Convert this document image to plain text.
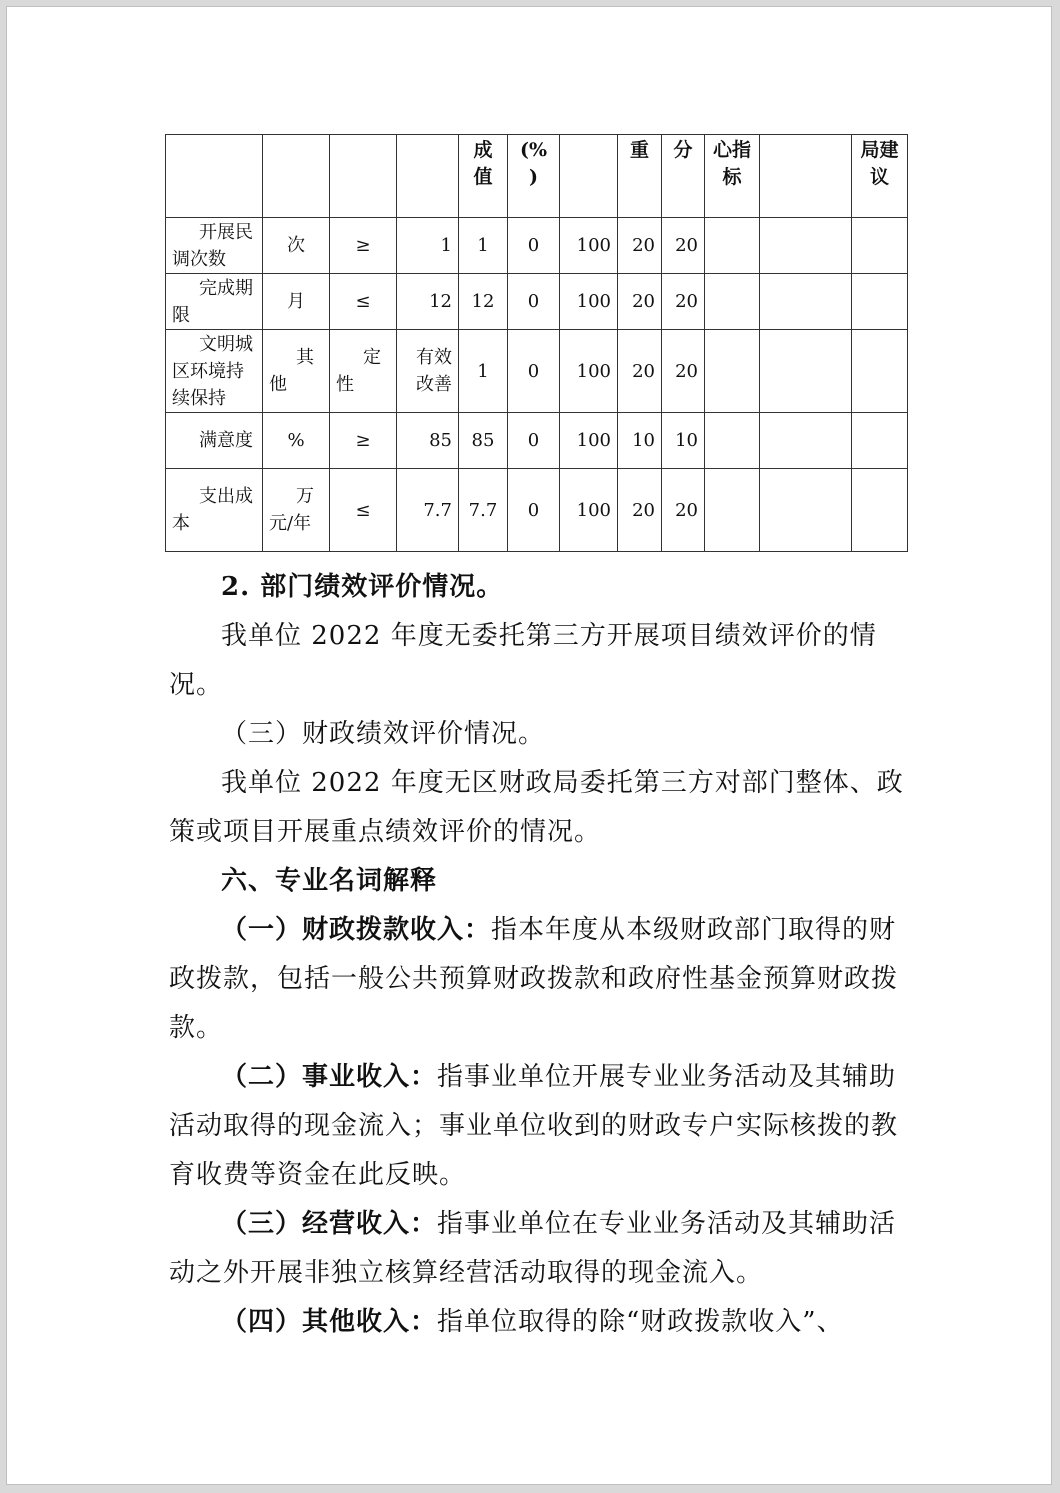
				成值	(%)		重	分	心指标		局建议
开展民调次数	次	≥	1	1	0	100	20	20			
完成期限	月	≤	12	12	0	100	20	20			
文明城区环境持续保持	其他	定性	有效改善	1	0	100	20	20			
满意度	%	≥	85	85	0	100	10	10			
支出成本	万元/年	≤	7.7	7.7	0	100	20	20			

2. 部门绩效评价情况。

我单位 2022 年度无委托第三方开展项目绩效评价的情况。

（三）财政绩效评价情况。

我单位 2022 年度无区财政局委托第三方对部门整体、政策或项目开展重点绩效评价的情况。

六、专业名词解释

（一）财政拨款收入：指本年度从本级财政部门取得的财政拨款，包括一般公共预算财政拨款和政府性基金预算财政拨款。

（二）事业收入：指事业单位开展专业业务活动及其辅助活动取得的现金流入；事业单位收到的财政专户实际核拨的教育收费等资金在此反映。

（三）经营收入：指事业单位在专业业务活动及其辅助活动之外开展非独立核算经营活动取得的现金流入。

（四）其他收入：指单位取得的除“财政拨款收入”、
